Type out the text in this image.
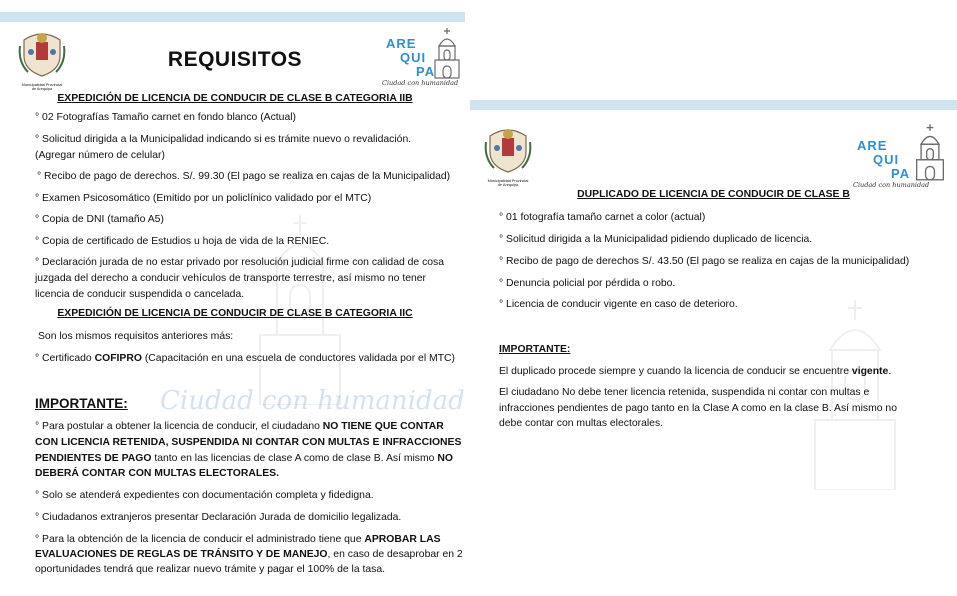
Ciudad con humanidad
Municipalidad Provincial
de Arequipa
ARE
QUI
PA
Ciudad con humanidad
REQUISITOS
EXPEDICIÓN DE LICENCIA DE CONDUCIR DE CLASE B CATEGORIA IIB
° 02 Fotografías Tamaño carnet en fondo blanco (Actual)
° Solicitud dirigida a la Municipalidad indicando si es trámite nuevo o revalidación.
(Agregar número de celular)
° Recibo de pago de derechos. S/. 99.30 (El pago se realiza en cajas de la Municipalidad)
° Examen Psicosomático (Emitido por un policlínico validado por el MTC)
° Copia de DNI (tamaño A5)
° Copia de certificado de Estudios u hoja de vida de la RENIEC.
° Declaración jurada de no estar privado por resolución judicial firme con calidad de cosa
juzgada del derecho a conducir vehículos de transporte terrestre, así mismo no tener
licencia de conducir suspendida o cancelada.
EXPEDICIÓN DE LICENCIA DE CONDUCIR DE CLASE B CATEGORIA IIC
Son los mismos requisitos anteriores más:
° Certificado COFIPRO (Capacitación en una escuela de conductores validada por el MTC)
IMPORTANTE:
° Para postular a obtener la licencia de conducir, el ciudadano NO TIENE QUE CONTAR
CON LICENCIA RETENIDA, SUSPENDIDA NI CONTAR CON MULTAS E INFRACCIONES
PENDIENTES DE PAGO tanto en las licencias de clase A como de clase B. Así mismo NO
DEBERÁ CONTAR CON MULTAS ELECTORALES.
° Solo se atenderá expedientes con documentación completa y fidedigna.
° Ciudadanos extranjeros presentar Declaración Jurada de domicilio legalizada.
° Para la obtención de la licencia de conducir el administrado tiene que APROBAR LAS
EVALUACIONES DE REGLAS DE TRÁNSITO Y DE MANEJO, en caso de desaprobar en 2
oportunidades tendrá que realizar nuevo trámite y pagar el 100% de la tasa.
Municipalidad Provincial
de Arequipa
ARE
QUI
PA
Ciudad con humanidad
DUPLICADO DE LICENCIA DE CONDUCIR DE CLASE B
° 01 fotografía tamaño carnet a color (actual)
° Solicitud dirigida a la Municipalidad pidiendo duplicado de licencia.
° Recibo de pago de derechos S/. 43.50 (El pago se realiza en cajas de la municipalidad)
° Denuncia policial por pérdida o robo.
° Licencia de conducir vigente en caso de deterioro.
IMPORTANTE:
El duplicado procede siempre y cuando la licencia de conducir se encuentre vigente.
El ciudadano No debe tener licencia retenida, suspendida ni contar con multas e
infracciones pendientes de pago tanto en la Clase A como en la clase B. Así mismo no
debe contar con multas electorales.
